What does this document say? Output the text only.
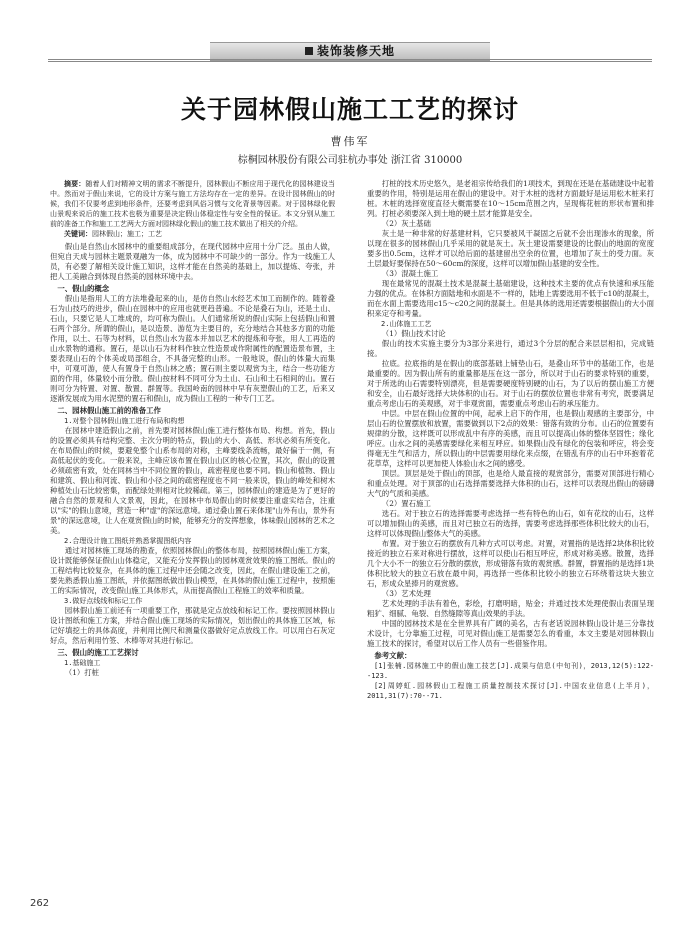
装饰装修天地
关于园林假山施工工艺的探讨
曹伟军
棕桐园林股份有限公司驻杭办事处 浙江省 310000

摘要：随着人们对精神文明的需求不断提升，园林假山不断应用于现代化的园林建设当中。然而对于假山来说，它的设计方案与施工方法均存在一定的差异。在设计园林假山的时候，我们不仅要考虑到地形条件，还要考虑到风俗习惯与文化背景等因素。对于园林绿化假山景观来说后的施工技术也极为重要是决定假山体稳定性与安全性的保证。本文分别从施工前的准备工作和施工工艺两大方面对园林绿化假山的施工技术做出了相关的介绍。

关键词：园林假山；施工；工艺

假山是自然山水园林中的重要组成部分，在现代园林中应用十分广泛。虽由人做，但宛自天成与园林主题景观融为一体，成为园林中不可缺少的一部分。作为一线施工人员，有必要了解相关设计施工知识，这样才能在自然美的基础上，加以提炼、夸张，并把人工美融合到体现自然美的园林环境中去。

一、假山的概念

假山是指用人工的方法堆叠起来的山，是仿自然山水经艺术加工而制作的。随着叠石为山技巧的进步，假山在园林中的应用也就更趋普遍。不论是叠石为山，还是土山、石山，只要它是人工堆成的，均可称为假山。人们通常所说的假山实际上包括假山和置石两个部分。所谓的假山，是以造景、游览为主要目的，充分地结合其他多方面的功能作用，以土、石等为材料，以自然山水为蓝本并加以艺术的提炼和夸张，用人工再造的山水景物的通称。置石，是以山石为材料作独立性造景或作附属性的配置造景布置，主要表现山石的个体美或局部组合，不具备完整的山形。一般地说，假山的体量大而集中，可观可游，使人有置身于自然山林之感；置石则主要以观赏为主，结合一些功能方面的作用，体量较小而分散。假山按材料不同可分为土山、石山和土石相间的山。置石则可分为特置、对置、散置、群置等。我国岭南的园林中早有灰塑假山的工艺，后来又逐渐发展成为用水泥塑的置石和假山，成为假山工程的一种专门工艺。

二、园林假山施工前的准备工作

1.对整个园林假山施工进行布局和构想

在园林中建造假山之前，首先要对园林假山施工进行整体布局、构想。首先，假山的设置必须具有结构完整、主次分明的特点，假山的大小、高低、形状必须有所变化。在布局假山的时候，要避免整个山系布局的对称，主峰要线条流畅，最好偏于一侧，有高低起伏的变化。一般来说，主峰应该布置在假山山区的核心位置，其次，假山的设置必须疏密有致，处在同林当中不同位置的假山，疏密程度也要不同。假山和植物、假山和建筑、假山和河流、假山和小径之间的疏密程度也不同一般来说，假山的峰处和树木种植处山石比较密集，而配绿处则相对比较稀疏。第三，园林假山的建造是为了更好的融合自然的景观和人文景观，因此，在园林中布局假山的时候要注重虚实结合，注重以"实"的假山意境，营造一种"虚"的深远意境。通过叠山置石来体现"山外有山，景外有景"的深远意境，让人在观赏假山的时候，能够充分的发挥想象，体味假山园林的艺术之美。

2.合理设计施工图纸并熟悉掌握图纸内容

通过对园林施工现场的勘查，依照园林假山的整体布局，按照园林假山施工方案，设计既能够保证假山山体稳定，又能充分发挥假山的园林观赏效果的施工图纸。假山的工程结构比较复杂，在具体的施工过程中还会随之改变，因此，在假山建设施工之前，要先熟悉假山施工图纸，并依据图纸做出假山模型，在具体的假山施工过程中，按照施工的实际情况，改变假山施工具体形式，从而提高假山工程施工的效率和质量。

3.做好点线线和标记工作

园林假山施工前还有一项重要工作，那就是定点放线和标记工作。要按照园林假山设计图纸和施工方案，并结合假山施工现场的实际情况，划出假山的具体施工区域，标记好填挖土的具体高度，并利用比例尺和测量仪器做好定点放线工作。可以用白石灰定好点，然后利用竹签、木棒等对其进行标记。

三、假山的施工工艺探讨

1.基础施工

（1）打桩

打桩的技术历史悠久，是老祖宗传给我们的1项技术，到现在还是在基础建设中起着重要的作用，特别是运用在假山的建设中。对于木桩的选材方面最好是运用松木桩来打桩。木桩的选择宽度直径大概需要在10～15cm范围之内，呈现梅花桩的形状布置和排列。打桩必须要深入到土地的硬土层才能算是安全。

（2）灰土基础

灰土是一种非常的好基建材料，它只要被风干凝固之后就不会出现渗水的现象，所以现在很多的园林假山几乎采用的就是灰土。灰土建设需要建设的比假山的地面的宽度要多出0.5cm，这样才可以给后面的基建留出空余的位置，也增加了灰土的受力面。灰土层最好要保持在50～60cm的深度，这样可以增加假山基建的安全性。

（3）混凝土施工

现在最常见的混凝土技术是混凝土基础建设，这种技术主要的优点有快速和承压能力强的优点。在体积方面陆地和水面是不一样的，陆地上需要选用不低于c10的混凝土，而在水面上需要选用c15～c20之间的混凝土。但是具体的选用还需要根据假山的大小面积来定夺和考量。

2.山体施工工艺

（1）假山技术讨论

假山的技术实施主要分为3部分来进行，通过3个分层的配合来层层相扣，完成链接。

拉底。拉底指的是在假山的底部基础上铺垫山石，是叠山环节中的基础工作，也是最重要的。因为假山所有的重量都是压在这一部分，所以对于山石的要求特别的重要，对于所选的山石需要特别漂亮，但是需要硬度特别硬的山石，为了以后的摆山施工方便和安全，山石最好选择大块体积的山石。对于山石的摆放位置也非常有考究，既要满足重点考虑山石的美观感，对于非观赏面，需要重点考虑山石的承压能力。

中层。中层在假山位置的中间，起承上启下的作用，也是假山观感的主要部分，中层山石的位置摆放和放置，需要做到以下2点的效果：错落有致的分布。山石的位置要有规律的分散，这样既可以形成乱中有序的美感，而且可以提高山体的整体坚固性；缘化呼应。山水之间的美感需要绿化来相互呼应。如果假山没有绿化的包装和呼应，将会变得毫无生气和活力，所以假山的中层需要用绿化来点缀，在错乱有序的山石中环抱着花花草草，这样可以更加使人体验山水之间的感受。

顶层。顶层是处于假山的顶部，也是给人最直接的观赏部分，需要对顶部进行精心和重点处理。对于顶部的山石选择需要选择大体积的山石，这样可以表现出假山的磅礴大气的气质和美感。

（2）置石施工

选石。对于独立石的选择需要考虑选择一些有特色的山石，如有花纹的山石，这样可以增加假山的美感，而且对已独立石的选择，需要考虑选择那些体积比较大的山石，这样可以体现假山整体大气的美感。

布置。对于独立石的摆放有几种方式可以考虑。对置，对置指的是选择2块体积比较接近的独立石来对称进行摆放，这样可以使山石相互呼应，形成对称美感。散置，选择几个大小不一的独立石分散的摆放，形成错落有致的观赏感。群置，群置指的是选择1块体积比较大的独立石放在最中间，再选择一些体积比较小的独立石环绕着这块大独立石，形成众星捧月的观赏感。

（3）艺术处理

艺术处理的手法有着色，彩绘，打磨明暗，贴金；并通过技术处理使假山表面呈现粗犷、细腻、龟裂、自然缝隙等真山效果的手法。

中国的园林技术是在全世界具有广阔的美名，古有老话说园林假山设计是三分靠技术设计，七分靠施工过程，可见对假山施工是需要怎么的看重，本文主要是对园林假山施工技术的探讨，希望对以后工作人员有一些借鉴作用。

参考文献：

[1]张楠.园林施工中的假山施工技艺[J].成果与信息(中旬刊)，2013,12(5):122--123.

[2]周婷虹.园林假山工程施工质量控制技术探讨[J].中国农业信息(上半月)，2011,31(7):70--71.

262
